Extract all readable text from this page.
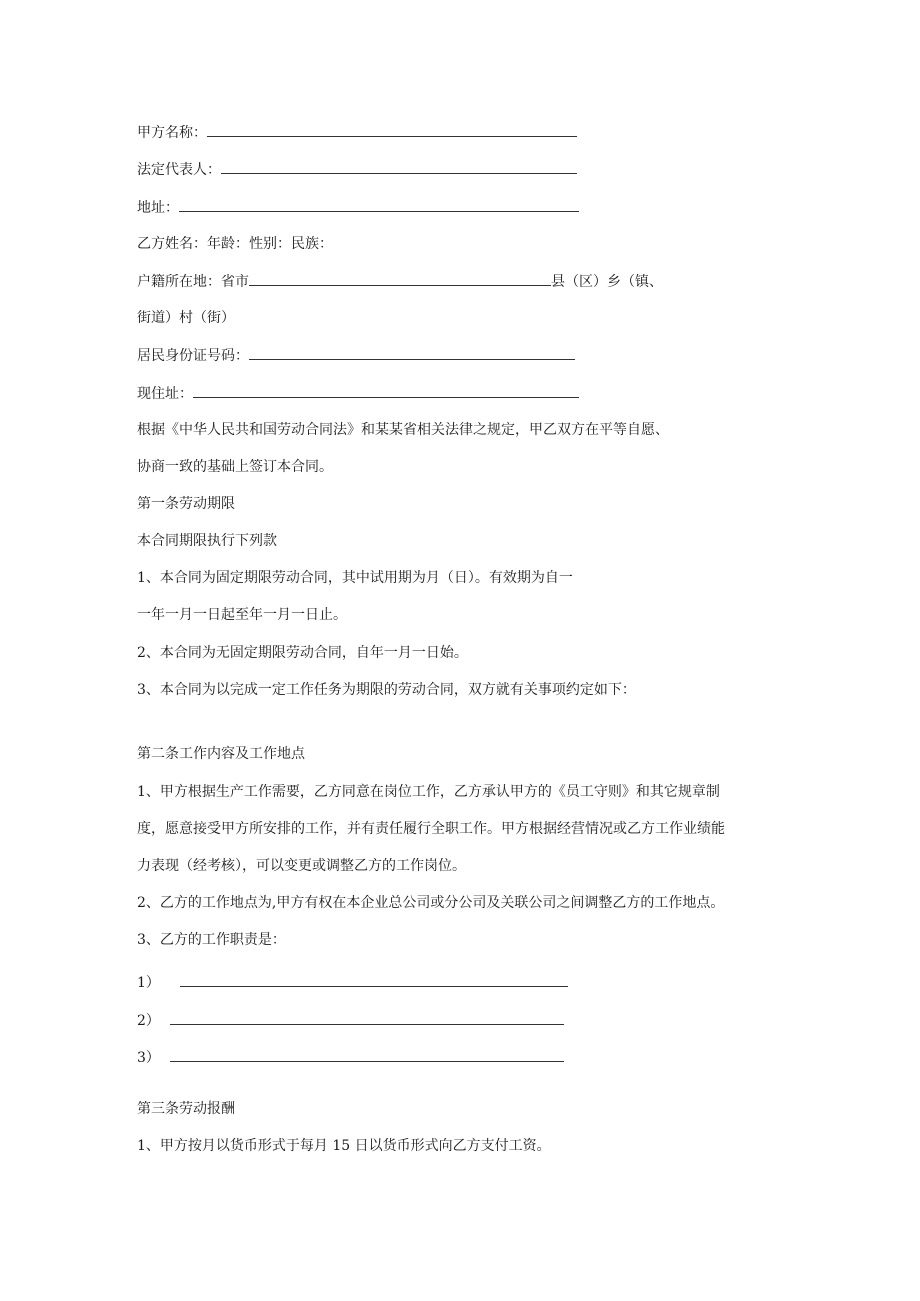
甲方名称：
法定代表人：
地址：
乙方姓名：年龄：性别：民族：
户籍所在地：省市	县（区）乡（镇、
街道）村（街）
居民身份证号码：
现住址：
根据《中华人民共和国劳动合同法》和某某省相关法律之规定，甲乙双方在平等自愿、
协商一致的基础上签订本合同。
第一条劳动期限
本合同期限执行下列款
1、本合同为固定期限劳动合同，其中试用期为月（日）。有效期为自一
一年一月一日起至年一月一日止。
2、本合同为无固定期限劳动合同，自年一月一日始。
3、本合同为以完成一定工作任务为期限的劳动合同，双方就有关事项约定如下：
第二条工作内容及工作地点
1、甲方根据生产工作需要，乙方同意在岗位工作，乙方承认甲方的《员工守则》和其它规章制
度，愿意接受甲方所安排的工作，并有责任履行全职工作。甲方根据经营情况或乙方工作业绩能
力表现（经考核），可以变更或调整乙方的工作岗位。
2、乙方的工作地点为,甲方有权在本企业总公司或分公司及关联公司之间调整乙方的工作地点。
3、乙方的工作职责是：
1）
2）
3）
第三条劳动报酬
1、甲方按月以货币形式于每月 15 日以货币形式向乙方支付工资。
